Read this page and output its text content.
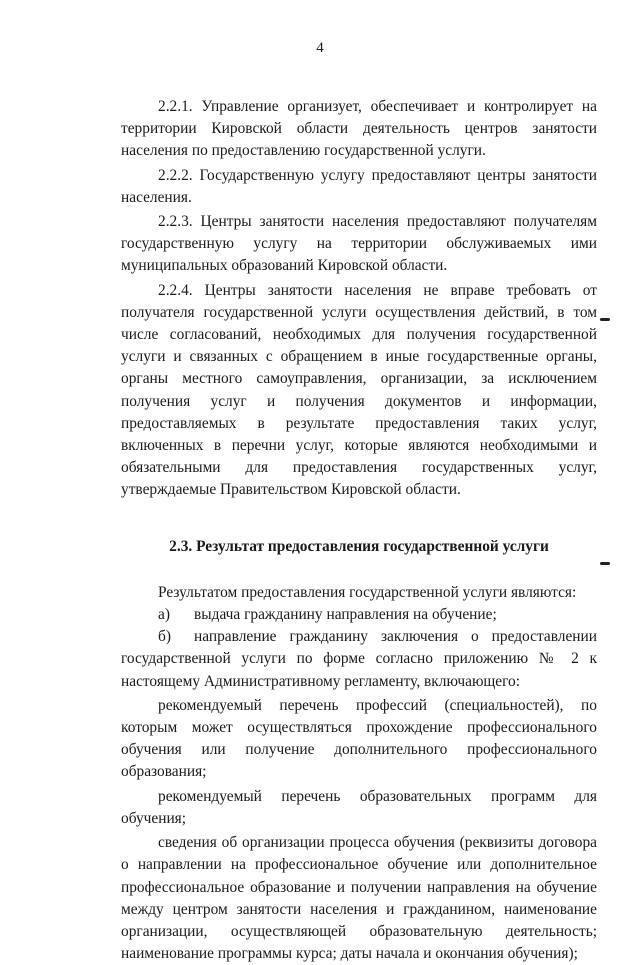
4

2.2.1. Управление организует, обеспечивает и контролирует на территории Кировской области деятельность центров занятости населения по предоставлению государственной услуги.

2.2.2. Государственную услугу предоставляют центры занятости населения.

2.2.3. Центры занятости населения предоставляют получателям государственную услугу на территории обслуживаемых ими муниципальных образований Кировской области.

2.2.4. Центры занятости населения не вправе требовать от получателя государственной услуги осуществления действий, в том числе согласований, необходимых для получения государственной услуги и связанных с обращением в иные государственные органы, органы местного самоуправления, организации, за исключением получения услуг и получения документов и информации, предоставляемых в результате предоставления таких услуг, включенных в перечни услуг, которые являются необходимыми и обязательными для предоставления государственных услуг, утверждаемые Правительством Кировской области.

2.3. Результат предоставления государственной услуги

Результатом предоставления государственной услуги являются:

а)	выдача гражданину направления на обучение;
б)	направление гражданину заключения о предоставлении

государственной услуги по форме согласно приложению № 2 к настоящему Административному регламенту, включающего:

рекомендуемый перечень профессий (специальностей), по которым может осуществляться прохождение профессионального обучения или получение дополнительного профессионального образования;

рекомендуемый перечень образовательных программ для обучения;

сведения об организации процесса обучения (реквизиты договора о направлении на профессиональное обучение или дополнительное профессиональное образование и получении направления на обучение между центром занятости населения и гражданином, наименование организации, осуществляющей образовательную деятельность; наименование программы курса; даты начала и окончания обучения);
